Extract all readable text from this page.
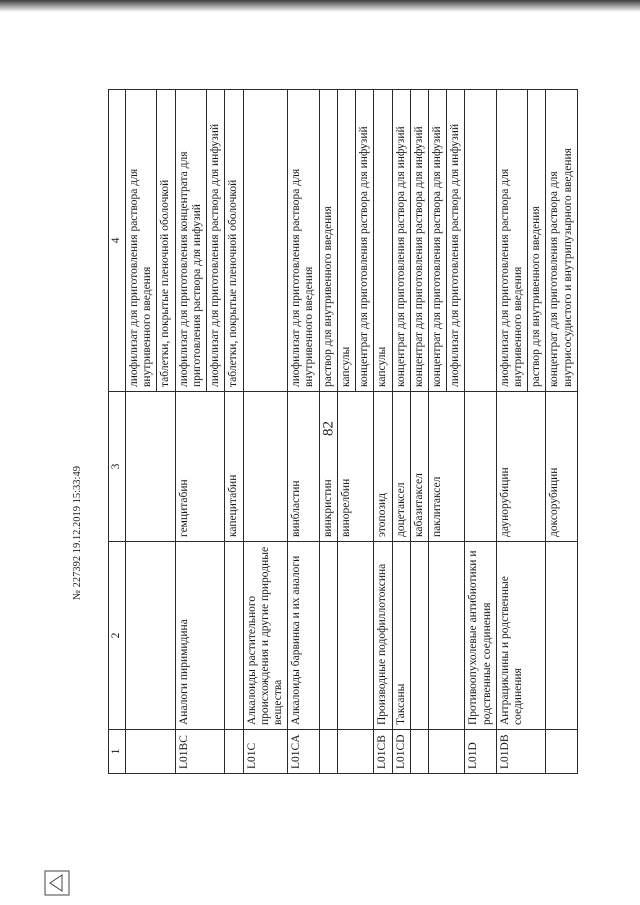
82
1	2	3	4
			лиофилизат для приготовления раствора для внутривенного введения
			таблетки, покрытые пленочной оболочкой
L01BC	Аналоги пиримидина	гемцитабин	лиофилизат для приготовления концентрата для приготовления раствора для инфузий
			лиофилизат для приготовления раствора для инфузий
		капецитабин	таблетки, покрытые пленочной оболочкой
L01C	Алкалоиды растительного происхождения и другие природные вещества		
L01CA	Алкалоиды барвинка и их аналоги	винбластин	лиофилизат для приготовления раствора для внутривенного введения
		винкристин	раствор для внутривенного введения
		винорелбин	капсулы
			концентрат для приготовления раствора для инфузий
L01CB	Производные подофиллотоксина	этопозид	капсулы
L01CD	Таксаны	доцетаксел	концентрат для приготовления раствора для инфузий
		кабазитаксел	концентрат для приготовления раствора для инфузий
		паклитаксел	концентрат для приготовления раствора для инфузий
			лиофилизат для приготовления раствора для инфузий
L01D	Противоопухолевые антибиотики и родственные соединения		
L01DB	Антрациклины и родственные соединения	даунорубицин	лиофилизат для приготовления раствора для внутривенного введения
			раствор для внутривенного введения
		доксорубицин	концентрат для приготовления раствора для внутрисосудистого и внутрипузырного введения
№ 227392 19.12.2019 15:33:49
